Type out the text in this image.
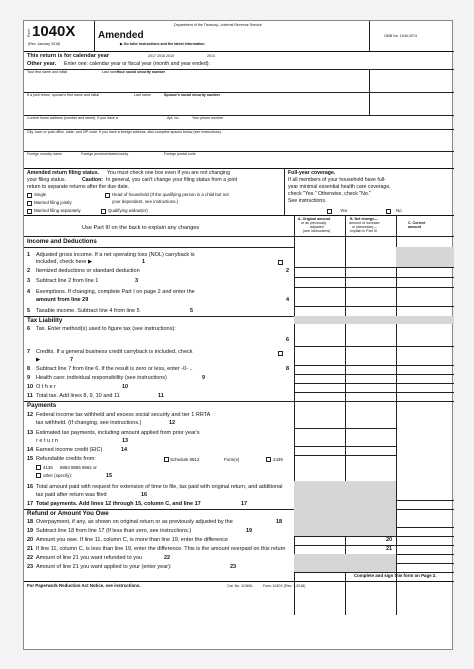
Form 1040X
(Rev. January 2018)
Department of the Treasury—Internal Revenue Service
Amended
▶ Go tofor instructions and the latest information.
OMB No. 1545-0074
This return is for calendar year	2017 2016 2015	2014
Other year. Enter one: calendar year or fiscal year (month and year ended):
Your first name and initial	Last name
Your social security number
If a joint return, spouse's first name and initial	Last name	Spouse's social security number
Current home address (number and street). If you have a	Apt. no.	Your phone number
City, town or post office, state, and ZIP code. If you have a foreign address, also complete spaces below (see instructions).
Foreign country name	Foreign province/state/county	Foreign postal code
Amended return filing status. You must check one box even if you are not changing
your filing status.	Caution: In general, you can't change your filing status from a joint
return to separate returns after the due date.
Single	Head of household (If the qualifying person is a child but not
Married filing jointly	your dependent, see instructions.)
Married filing separately	Qualifying widow(er)
Full-year coverage.
If all members of your household have full-
year minimal essential health care coverage,
check "Yes." Otherwise, check "No."
See instructions.
Yes	No
Use Part III on the back to explain any changes
A. Original amount
or as previously
adjusted
(see instructions)
B. Net change—
amount of increase
or (decrease)—
explain in Part III
C. Correct
amount
Income and Deductions
1 Adjusted gross income. If a net operating loss (NOL) carryback is
included, check here ▶	1
2 Itemized deductions or standard deduction	2
3 Subtract line 2 from line 1	3
4 Exemptions. If changing, complete Part I on page 2 and enter the
amount from line 29	4
5 Taxable income. Subtract line 4 from line 5	5
Tax Liability
6 Tax. Enter method(s) used to figure tax (see instructions):
6
7 Credits. If a general business credit carryback is included, check
▶	7
8 Subtract line 7 from line 6. If the result is zero or less, enter -0- ..	8
9 Health care: individual responsibility (see instructions)	9
10 O t h e r	10
11 Total tax. Add lines 8, 9, 10 and 11	11
Payments
12 Federal income tax withheld and excess social security and tier 1 RRTA
tax withheld. (If changing, see instructions.)	12
13 Estimated tax payments, including amount applied from prior year's
r e t u r n	13
14 Earned income credit (EIC)	14
15 Refundable credits from:	Schedule 8812	Form(s)	2439
4136 8863 8885 8962 or
other (specify):	15
16 Total amount paid with request for extension of time to file, tax paid with original return, and additional
tax paid after return was filed	16
17 Total payments. Add lines 12 through 15, column C, and line 17	17
Refund or Amount You Owe
18 Overpayment, if any, as shown on original return or as previously adjusted by the	18
19 Subtract line 18 from line 17 (If less than zero, see instructions.)	19
20 Amount you owe. If line 11, column C, is more than line 19, enter the difference	20
21 If line 11, column C, is less than line 19, enter the difference. This is the amount overpaid on this return	21
22 Amount of line 21 you want refunded to you	22
23 Amount of line 21 you want applied to your (enter year):	23
Complete and sign this form on Page 2.
For Paperwork Reduction Act Notice, see instructions.	Cat. No. 11360L	Form 1040X (Rev. 1-2018)
